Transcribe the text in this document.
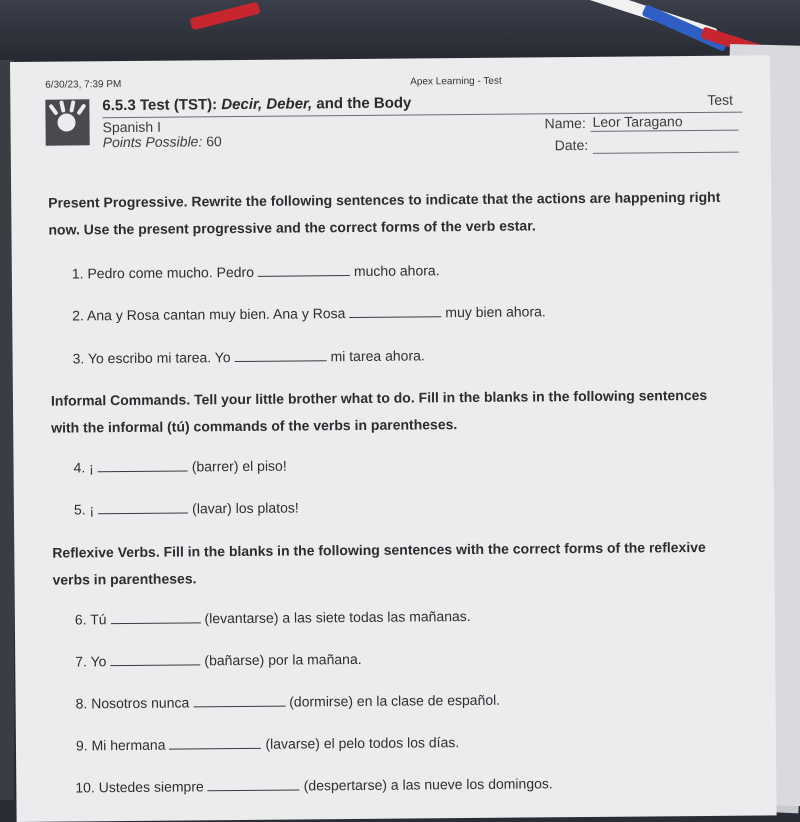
6/30/23, 7:39 PM	Apex Learning - Test
6.5.3 Test (TST): Decir, Deber, and the Body
Spanish I
Points Possible: 60
Test
Name: Leor Taragano
Date:
Present Progressive. Rewrite the following sentences to indicate that the actions are happening right
now. Use the present progressive and the correct forms of the verb estar.
1. Pedro come mucho. Pedro	mucho ahora.
2. Ana y Rosa cantan muy bien. Ana y Rosa	muy bien ahora.
3. Yo escribo mi tarea. Yo	mi tarea ahora.
Informal Commands. Tell your little brother what to do. Fill in the blanks in the following sentences
with the informal (tú) commands of the verbs in parentheses.
4. ¡	(barrer) el piso!
5. ¡	(lavar) los platos!
Reflexive Verbs. Fill in the blanks in the following sentences with the correct forms of the reflexive
verbs in parentheses.
6. Tú	(levantarse) a las siete todas las mañanas.
7. Yo	(bañarse) por la mañana.
8. Nosotros nunca	(dormirse) en la clase de español.
9. Mi hermana	(lavarse) el pelo todos los días.
10. Ustedes siempre	(despertarse) a las nueve los domingos.
